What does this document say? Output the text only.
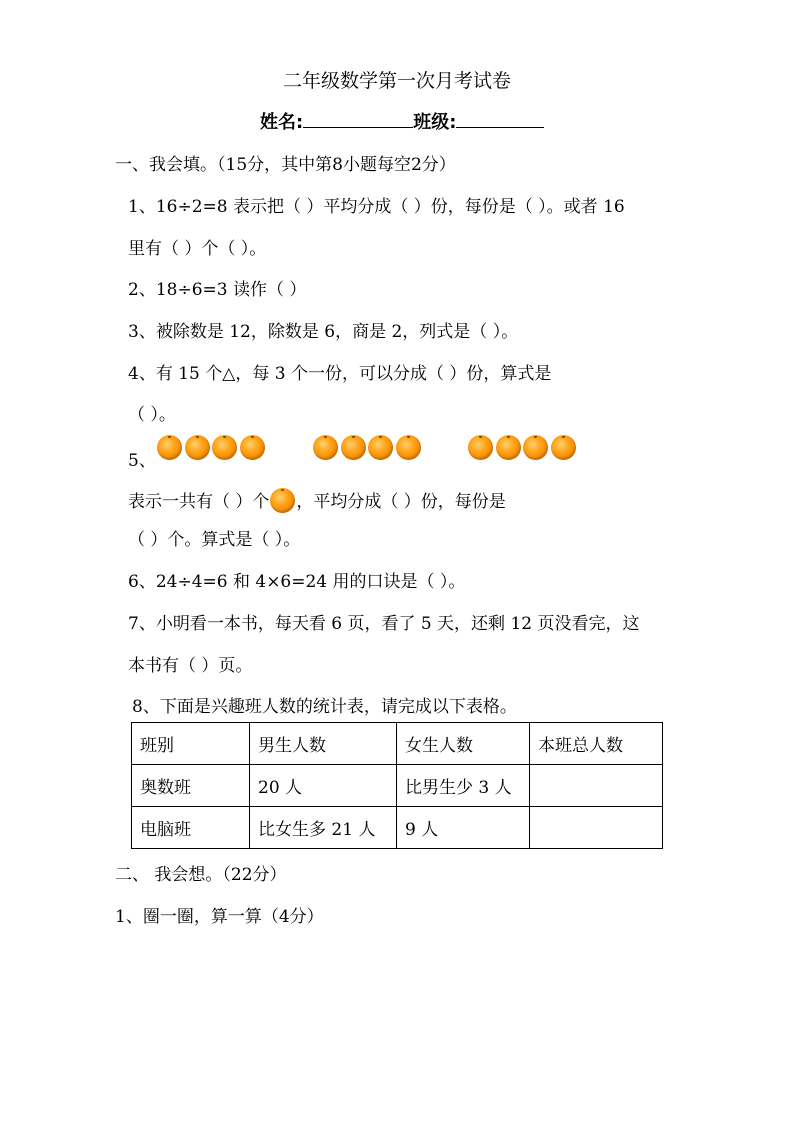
二年级数学第一次月考试卷
姓名:	班级:
一、我会填。（15分，其中第8小题每空2分）
1、16÷2=8 表示把（ ）平均分成（ ）份，每份是（ ）。或者 16
里有（ ）个（ ）。
2、18÷6=3 读作（ ）
3、被除数是 12，除数是 6，商是 2，列式是（ ）。
4、有 15 个△，每 3 个一份，可以分成（ ）份，算式是
（ ）。
5、
表示一共有（ ）个 ，平均分成（ ）份，每份是
（ ）个。算式是（ ）。
6、24÷4=6 和 4×6=24 用的口诀是（ ）。
7、小明看一本书，每天看 6 页，看了 5 天，还剩 12 页没看完，这
本书有（ ）页。
8、下面是兴趣班人数的统计表，请完成以下表格。
班别	男生人数	女生人数	本班总人数
奥数班	20 人	比男生少 3 人	
电脑班	比女生多 21 人	9 人	
二、 我会想。（22分）
1、圈一圈，算一算（4分）
